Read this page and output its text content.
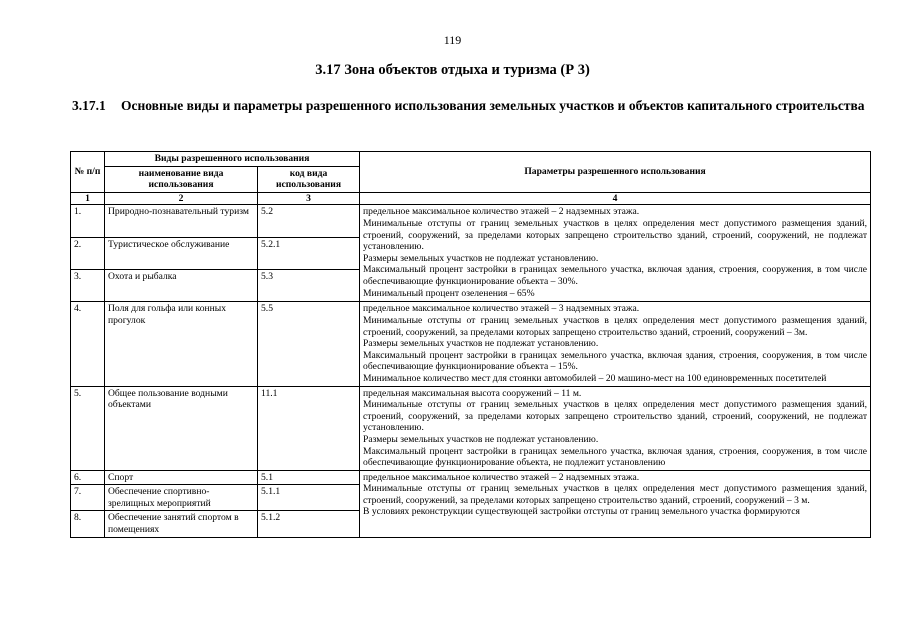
119
3.17 Зона объектов отдыха и туризма (Р 3)
3.17.1 Основные виды и параметры разрешенного использования земельных участков и объектов капитального строительства
№ п/п	Виды разрешенного использования		Параметры разрешенного использования
	наименование вида использования	код вида использования	
1	2	3	4
1.	Природно-познавательный туризм	5.2	предельное максимальное количество этажей – 2 надземных этажа.
Минимальные отступы от границ земельных участков в целях определения мест допустимого размещения зданий, строений, сооружений, за пределами которых запрещено строительство зданий, строений, сооружений, не подлежат установлению.
Размеры земельных участков не подлежат установлению.
Максимальный процент застройки в границах земельного участка, включая здания, строения, сооружения, в том числе обеспечивающие функционирование объекта – 30%.
Минимальный процент озеленения – 65%

2.	Туристическое обслуживание	5.2.1	
3.	Охота и рыбалка	5.3	
4.	Поля для гольфа или конных прогулок	5.5	предельное максимальное количество этажей – 3 надземных этажа.
Минимальные отступы от границ земельных участков в целях определения мест допустимого размещения зданий, строений, сооружений, за пределами которых запрещено строительство зданий, строений, сооружений – 3м.
Размеры земельных участков не подлежат установлению.
Максимальный процент застройки в границах земельного участка, включая здания, строения, сооружения, в том числе обеспечивающие функционирование объекта – 15%.
Минимальное количество мест для стоянки автомобилей – 20 машино-мест на 100 единовременных посетителей

5.	Общее пользование водными объектами	11.1	предельная максимальная высота сооружений – 11 м.
Минимальные отступы от границ земельных участков в целях определения мест допустимого размещения зданий, строений, сооружений, за пределами которых запрещено строительство зданий, строений, сооружений, не подлежат установлению.
Размеры земельных участков не подлежат установлению.
Максимальный процент застройки в границах земельного участка, включая здания, строения, сооружения, в том числе обеспечивающие функционирование объекта, не подлежит установлению

6.	Спорт	5.1	предельное максимальное количество этажей – 2 надземных этажа.
Минимальные отступы от границ земельных участков в целях определения мест допустимого размещения зданий, строений, сооружений, за пределами которых запрещено строительство зданий, строений, сооружений – 3 м.
В условиях реконструкции существующей застройки отступы от границ земельного участка формируются

7.	Обеспечение спортивно-зрелищных мероприятий	5.1.1	
8.	Обеспечение занятий спортом в помещениях	5.1.2	
